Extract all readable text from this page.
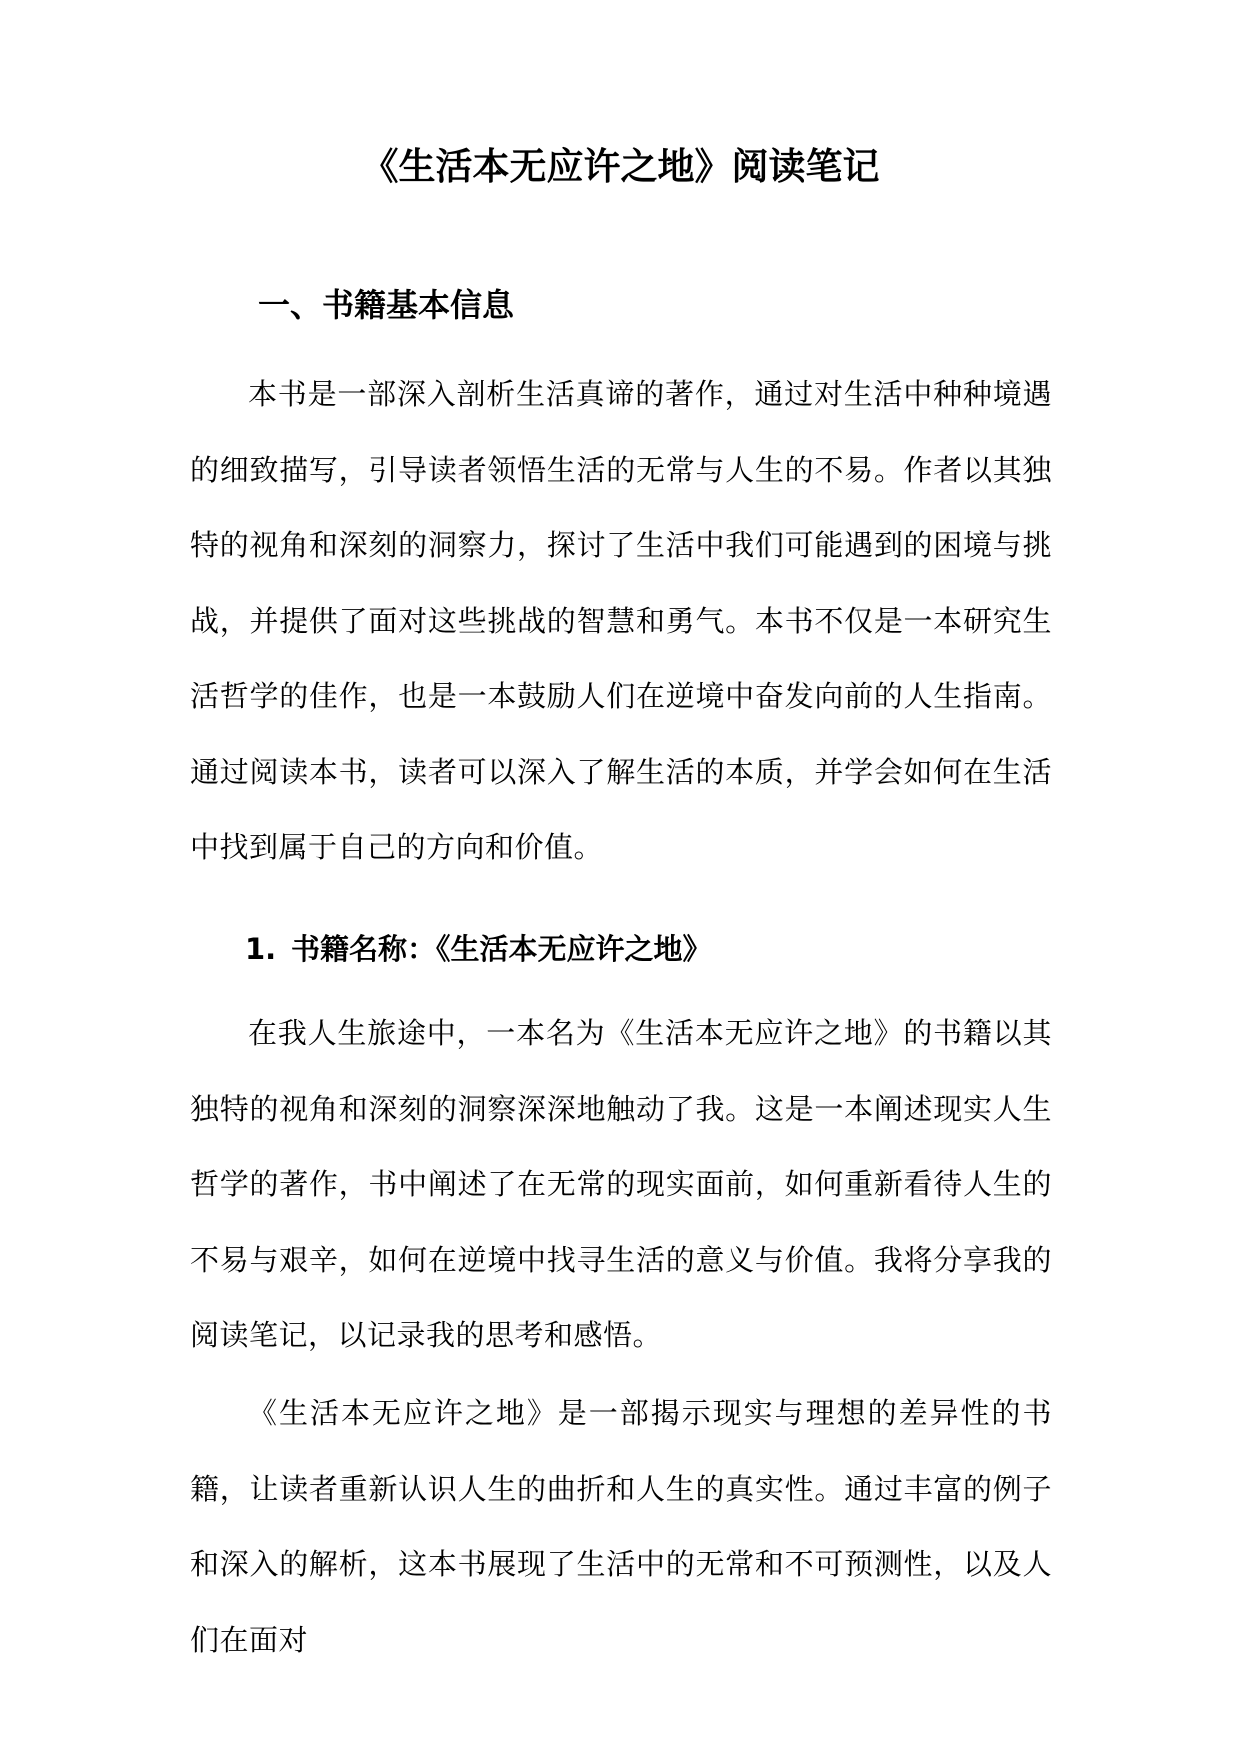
《生活本无应许之地》阅读笔记
一、书籍基本信息

本书是一部深入剖析生活真谛的著作，通过对生活中种种境遇的细致描写，引导读者领悟生活的无常与人生的不易。作者以其独特的视角和深刻的洞察力，探讨了生活中我们可能遇到的困境与挑战，并提供了面对这些挑战的智慧和勇气。本书不仅是一本研究生活哲学的佳作，也是一本鼓励人们在逆境中奋发向前的人生指南。通过阅读本书，读者可以深入了解生活的本质，并学会如何在生活中找到属于自己的方向和价值。

1. 书籍名称：《生活本无应许之地》

在我人生旅途中，一本名为《生活本无应许之地》的书籍以其独特的视角和深刻的洞察深深地触动了我。这是一本阐述现实人生哲学的著作，书中阐述了在无常的现实面前，如何重新看待人生的不易与艰辛，如何在逆境中找寻生活的意义与价值。我将分享我的阅读笔记，以记录我的思考和感悟。

《生活本无应许之地》是一部揭示现实与理想的差异性的书籍，让读者重新认识人生的曲折和人生的真实性。通过丰富的例子和深入的解析，这本书展现了生活中的无常和不可预测性，以及人们在面对
